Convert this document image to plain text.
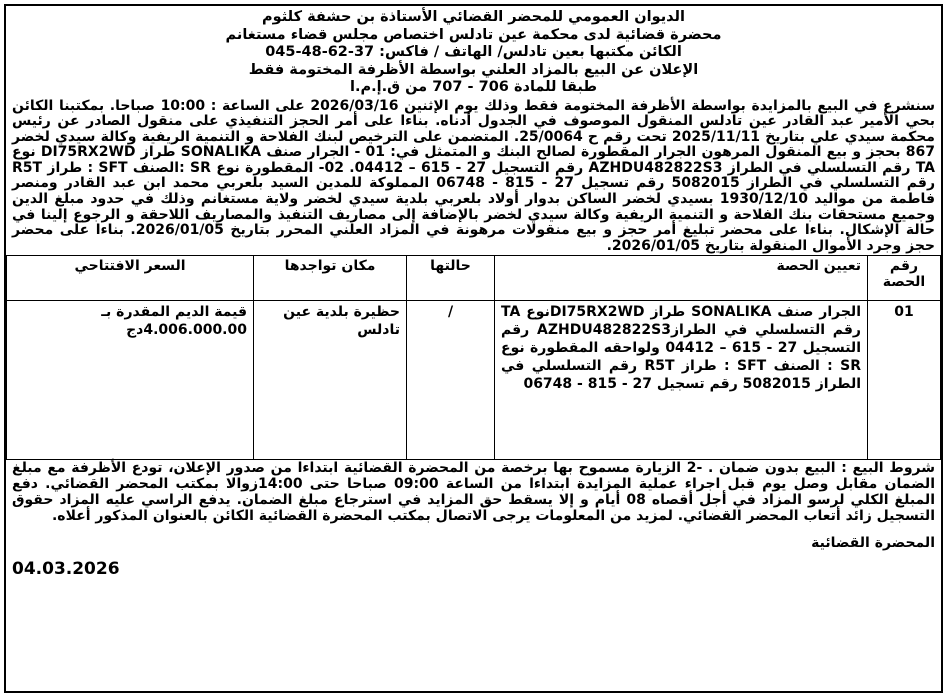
الديوان العمومي للمحضر القضائي الأستاذة بن حشفة كلثوم
محضرة قضائية لدى محكمة عين تادلس اختصاص مجلس قضاء مستغانم
الكائن مكتبها بعين تادلس/ الهاتف / فاكس: 37-62-48-045
الإعلان عن البيع بالمزاد العلني بواسطة الأظرفة المختومة فقط
طبقا للمادة 706 - 707 من ق.إ.م.ا
سنشرع في البيع بالمزايدة بواسطة الأظرفة المختومة فقط وذلك يوم الإثنين 2026/03/16 على الساعة : 10:00 صباحا. بمكتبنا الكائن بحي الأمير عبد القادر عين تادلس المنقول الموصوف في الجدول أدناه. بناءا على أمر الحجز التنفيذي على منقول الصادر عن رئيس محكمة سيدي علي بتاريخ 2025/11/11 تحت رقم ح 25/0064. المتضمن على الترخيص لبنك الفلاحة و التنمية الريفية وكالة سيدي لخضر 867 بحجز و بيع المنقول المرهون الجرار المقطورة لصالح البنك و المتمثل في: 01 - الجرار صنف SONALIKA طراز DI75RX2WD نوع TA رقم التسلسلي في الطراز AZHDU482822S3 رقم التسجيل 27 - 615 – 04412. 02- المقطورة نوع SR :الصنف SFT : طراز R5T رقم التسلسلي في الطراز 5082015 رقم تسجيل 27 - 815 - 06748 المملوكة للمدين السيد بلعربي محمد ابن عبد القادر ومنصر فاطمة من مواليد 1930/12/10 بسيدي لخضر الساكن بدوار أولاد بلعربي بلدية سيدي لخضر ولاية مستغانم وذلك في حدود مبلغ الدين وجميع مستحقات بنك الفلاحة و التنمية الريفية وكالة سيدي لخضر بالإضافة إلى مصاريف التنفيذ والمصاريف اللاحقة و الرجوع إلينا في حالة الإشكال. بناءا على محضر تبليغ أمر حجز و بيع منقولات مرهونة في المزاد العلني المحرر بتاريخ 2026/01/05. بناءا على محضر حجز وجرد الأموال المنقولة بتاريخ 2026/01/05.
رقم الحصة	تعيين الحصة	حالتها	مكان تواجدها	السعر الافتتاحي
01	الجرار صنف SONALIKA طراز DI75RX2WDنوع TA رقم التسلسلي في الطرازAZHDU482822S3 رقم التسجيل 27 - 615 – 04412 ولواحقه المقطورة نوع SR : الصنف SFT : طراز R5T رقم التسلسلي في الطراز 5082015 رقم تسجيل 27 - 815 - 06748	/	حظيرة بلدية عين تادلس	قيمة الديم المقدرة بـ 4.006.000.00دج
شروط البيع : البيع بدون ضمان . -2 الزيارة مسموح بها برخصة من المحضرة القضائية ابتداءا من صدور الإعلان، تودع الأظرفة مع مبلغ الضمان مقابل وصل يوم قبل اجراء عملية المزايدة ابتداءا من الساعة 09:00 صباحا حتى 14:00زوالا بمكتب المحضر القضائي. دفع المبلغ الكلي لرسو المزاد في أجل أقصاه 08 أيام و إلا يسقط حق المزايد في استرجاع مبلغ الضمان. يدفع الراسي عليه المزاد حقوق التسجيل زائد أتعاب المحضر القضائي. لمزيد من المعلومات يرجى الاتصال بمكتب المحضرة القضائية الكائن بالعنوان المذكور أعلاه.
المحضرة القضائية
04.03.2026
